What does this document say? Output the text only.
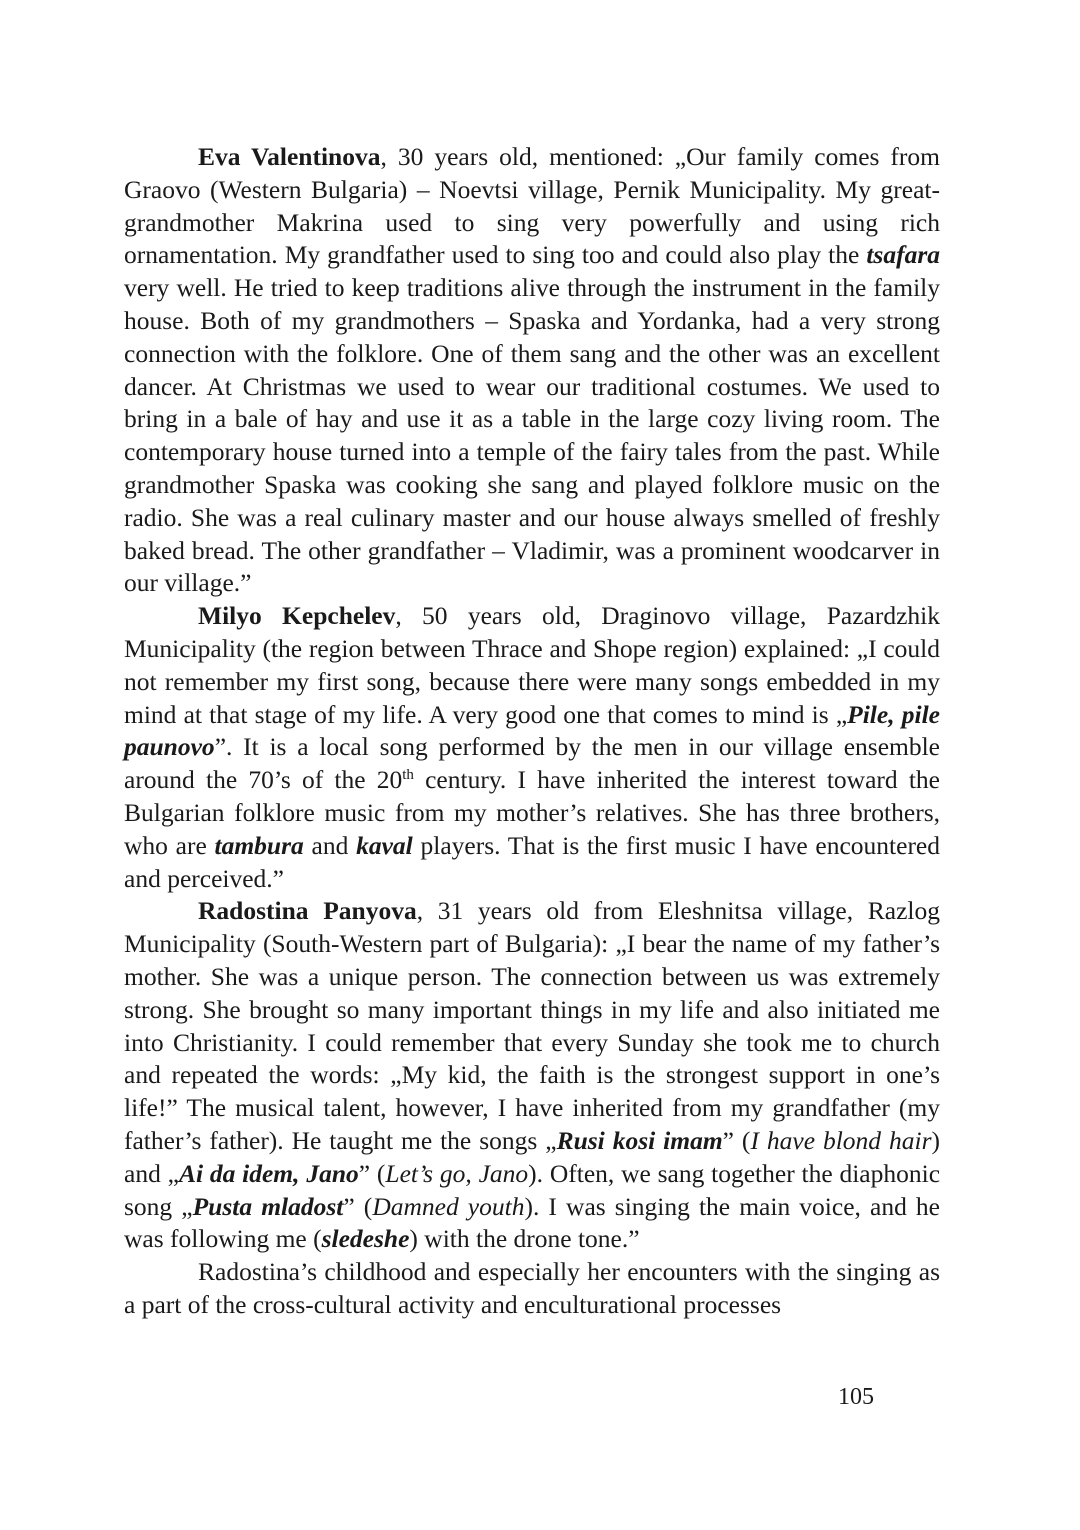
Eva Valentinova, 30 years old, mentioned: „Our family comes from Graovo (Western Bulgaria) – Noevtsi village, Pernik Municipality. My great-grandmother Makrina used to sing very powerfully and using rich ornamentation. My grandfather used to sing too and could also play the tsafara very well. He tried to keep traditions alive through the instrument in the family house. Both of my grandmothers – Spaska and Yordanka, had a very strong connection with the folklore. One of them sang and the other was an excellent dancer. At Christmas we used to wear our traditional costumes. We used to bring in a bale of hay and use it as a table in the large cozy living room. The contemporary house turned into a temple of the fairy tales from the past. While grandmother Spaska was cooking she sang and played folklore music on the radio. She was a real culinary master and our house always smelled of freshly baked bread. The other grandfather – Vladimir, was a prominent woodcarver in our village.”

Milyo Kepchelev, 50 years old, Draginovo village, Pazardzhik Municipality (the region between Thrace and Shope region) explained: „I could not remember my first song, because there were many songs embedded in my mind at that stage of my life. A very good one that comes to mind is „Pile, pile paunovo”. It is a local song performed by the men in our village ensemble around the 70’s of the 20th century. I have inherited the interest toward the Bulgarian folklore music from my mother’s relatives. She has three brothers, who are tambura and kaval players. That is the first music I have encountered and perceived.”

Radostina Panyova, 31 years old from Eleshnitsa village, Razlog Municipality (South-Western part of Bulgaria): „I bear the name of my father’s mother. She was a unique person. The connection between us was extremely strong. She brought so many important things in my life and also initiated me into Christianity. I could remember that every Sunday she took me to church and repeated the words: „My kid, the faith is the strongest support in one’s life!” The musical talent, however, I have inherited from my grandfather (my father’s father). He taught me the songs „Rusi kosi imam” (I have blond hair) and „Ai da idem, Jano” (Let’s go, Jano). Often, we sang together the diaphonic song „Pusta mladost” (Damned youth). I was singing the main voice, and he was following me (sledeshe) with the drone tone.”

Radostina’s childhood and especially her encounters with the singing as a part of the cross-cultural activity and enculturational processes

105
